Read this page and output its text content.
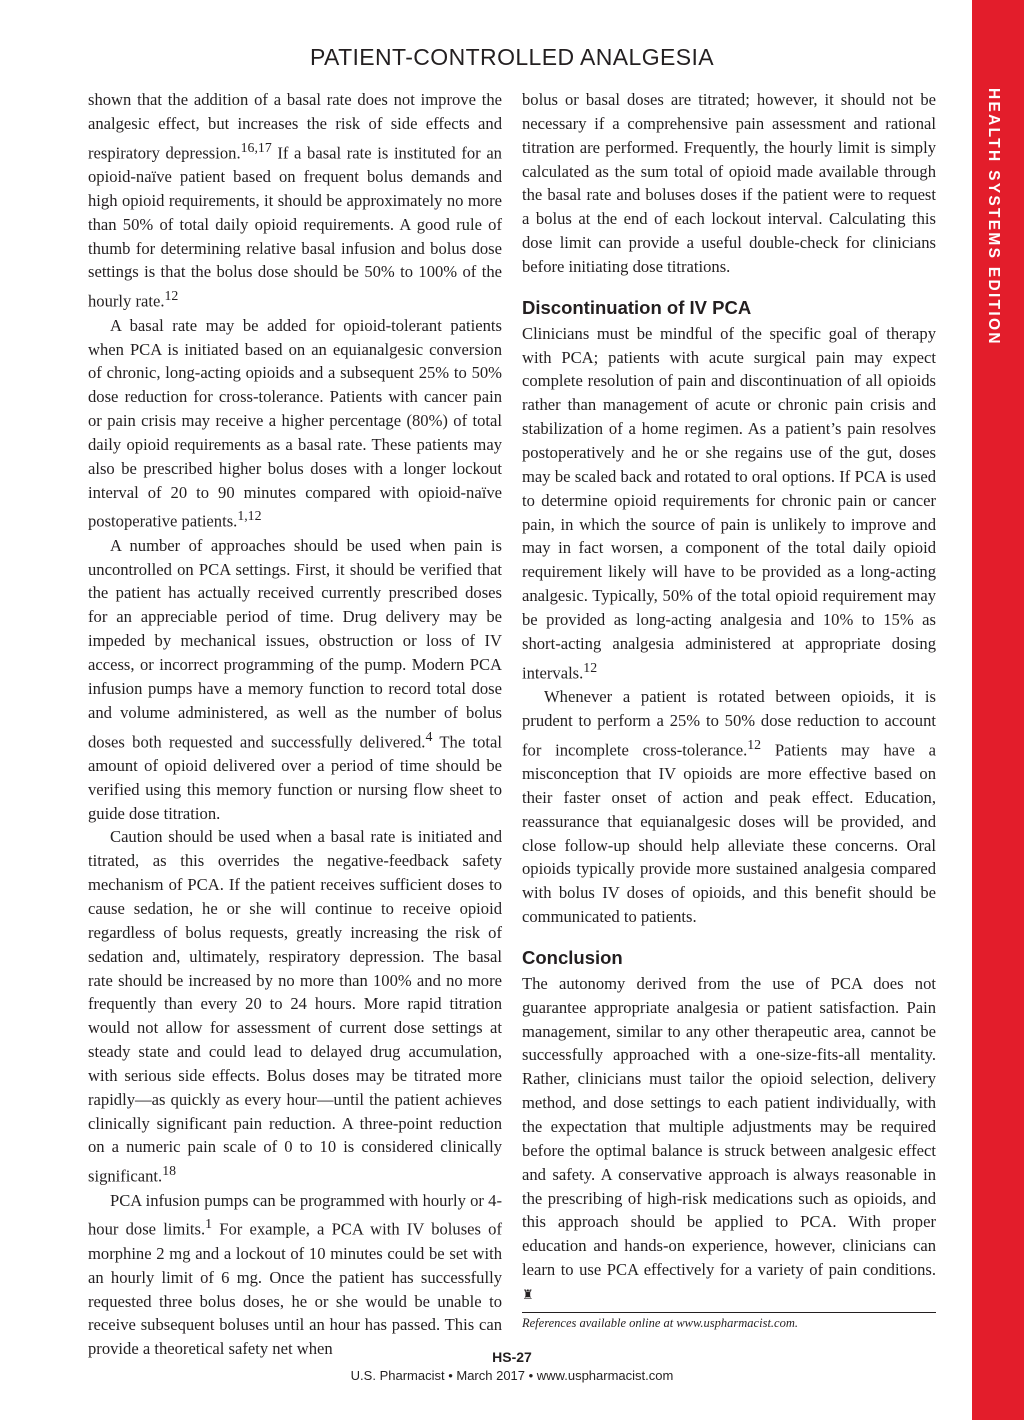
HEALTH SYSTEMS EDITION
PATIENT-CONTROLLED ANALGESIA

shown that the addition of a basal rate does not improve the analgesic effect, but increases the risk of side effects and respiratory depression.$^{16,17}$ If a basal rate is instituted for an opioid-naïve patient based on frequent bolus demands and high opioid requirements, it should be approximately no more than 50% of total daily opioid requirements. A good rule of thumb for determining relative basal infusion and bolus dose settings is that the bolus dose should be 50% to 100% of the hourly rate.$^{12}$

A basal rate may be added for opioid-tolerant patients when PCA is initiated based on an equianalgesic conversion of chronic, long-acting opioids and a subsequent 25% to 50% dose reduction for cross-tolerance. Patients with cancer pain or pain crisis may receive a higher percentage (80%) of total daily opioid requirements as a basal rate. These patients may also be prescribed higher bolus doses with a longer lockout interval of 20 to 90 minutes compared with opioid-naïve postoperative patients.$^{1,12}$

A number of approaches should be used when pain is uncontrolled on PCA settings. First, it should be verified that the patient has actually received currently prescribed doses for an appreciable period of time. Drug delivery may be impeded by mechanical issues, obstruction or loss of IV access, or incorrect programming of the pump. Modern PCA infusion pumps have a memory function to record total dose and volume administered, as well as the number of bolus doses both requested and successfully delivered.$^4$ The total amount of opioid delivered over a period of time should be verified using this memory function or nursing flow sheet to guide dose titration.

Caution should be used when a basal rate is initiated and titrated, as this overrides the negative-feedback safety mechanism of PCA. If the patient receives sufficient doses to cause sedation, he or she will continue to receive opioid regardless of bolus requests, greatly increasing the risk of sedation and, ultimately, respiratory depression. The basal rate should be increased by no more than 100% and no more frequently than every 20 to 24 hours. More rapid titration would not allow for assessment of current dose settings at steady state and could lead to delayed drug accumulation, with serious side effects. Bolus doses may be titrated more rapidly—as quickly as every hour—until the patient achieves clinically significant pain reduction. A three-point reduction on a numeric pain scale of 0 to 10 is considered clinically significant.$^{18}$

PCA infusion pumps can be programmed with hourly or 4-hour dose limits.$^1$ For example, a PCA with IV boluses of morphine 2 mg and a lockout of 10 minutes could be set with an hourly limit of 6 mg. Once the patient has successfully requested three bolus doses, he or she would be unable to receive subsequent boluses until an hour has passed. This can provide a theoretical safety net when

bolus or basal doses are titrated; however, it should not be necessary if a comprehensive pain assessment and rational titration are performed. Frequently, the hourly limit is simply calculated as the sum total of opioid made available through the basal rate and boluses doses if the patient were to request a bolus at the end of each lockout interval. Calculating this dose limit can provide a useful double-check for clinicians before initiating dose titrations.

Discontinuation of IV PCA

Clinicians must be mindful of the specific goal of therapy with PCA; patients with acute surgical pain may expect complete resolution of pain and discontinuation of all opioids rather than management of acute or chronic pain crisis and stabilization of a home regimen. As a patient’s pain resolves postoperatively and he or she regains use of the gut, doses may be scaled back and rotated to oral options. If PCA is used to determine opioid requirements for chronic pain or cancer pain, in which the source of pain is unlikely to improve and may in fact worsen, a component of the total daily opioid requirement likely will have to be provided as a long-acting analgesic. Typically, 50% of the total opioid requirement may be provided as long-acting analgesia and 10% to 15% as short-acting analgesia administered at appropriate dosing intervals.$^{12}$

Whenever a patient is rotated between opioids, it is prudent to perform a 25% to 50% dose reduction to account for incomplete cross-tolerance.$^{12}$ Patients may have a misconception that IV opioids are more effective based on their faster onset of action and peak effect. Education, reassurance that equianalgesic doses will be provided, and close follow-up should help alleviate these concerns. Oral opioids typically provide more sustained analgesia compared with bolus IV doses of opioids, and this benefit should be communicated to patients.

Conclusion

The autonomy derived from the use of PCA does not guarantee appropriate analgesia or patient satisfaction. Pain management, similar to any other therapeutic area, cannot be successfully approached with a one-size-fits-all mentality. Rather, clinicians must tailor the opioid selection, delivery method, and dose settings to each patient individually, with the expectation that multiple adjustments may be required before the optimal balance is struck between analgesic effect and safety. A conservative approach is always reasonable in the prescribing of high-risk medications such as opioids, and this approach should be applied to PCA. With proper education and hands-on experience, however, clinicians can learn to use PCA effectively for a variety of pain conditions. ♜

References available online at www.uspharmacist.com.
HS-27
U.S. Pharmacist • March 2017 • www.uspharmacist.com
